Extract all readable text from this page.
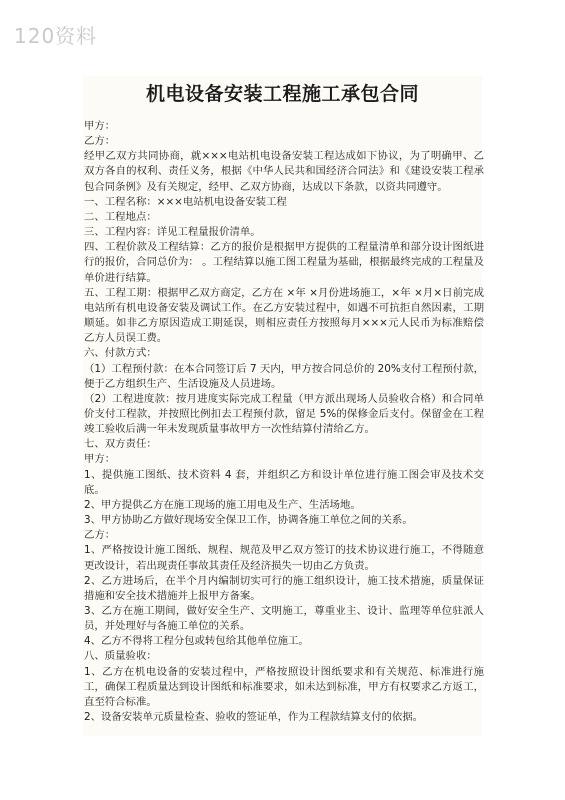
120资料
机电设备安装工程施工承包合同

甲方：

乙方：

经甲乙双方共同协商，就×××电站机电设备安装工程达成如下协议，为了明确甲、乙双方各自的权利、责任义务，根据《中华人民共和国经济合同法》和《建设安装工程承包合同条例》及有关规定，经甲、乙双方协商，达成以下条款，以资共同遵守。

一、工程名称：×××电站机电设备安装工程

二、工程地点：

三、工程内容：详见工程量报价清单。

四、工程价款及工程结算：乙方的报价是根据甲方提供的工程量清单和部分设计图纸进行的报价，合同总价为： 。工程结算以施工图工程量为基础，根据最终完成的工程量及单价进行结算。

五、工程工期：根据甲乙双方商定，乙方在 ×年 ×月份进场施工，×年 ×月×日前完成电站所有机电设备安装及调试工作。在乙方安装过程中，如遇不可抗拒自然因素，工期顺延。如非乙方原因造成工期延误，则相应责任方按照每月×××元人民币为标准赔偿乙方人员误工费。

六、付款方式：

（1）工程预付款：在本合同签订后 7 天内，甲方按合同总价的 20%支付工程预付款，便于乙方组织生产、生活设施及人员进场。

（2）工程进度款：按月进度实际完成工程量（甲方派出现场人员验收合格）和合同单价支付工程款，并按照比例扣去工程预付款，留足 5%的保修金后支付。保留金在工程竣工验收后满一年未发现质量事故甲方一次性结算付清给乙方。

七、双方责任：

甲方：

1、提供施工图纸、技术资料 4 套，并组织乙方和设计单位进行施工图会审及技术交底。

2、甲方提供乙方在施工现场的施工用电及生产、生活场地。

3、甲方协助乙方做好现场安全保卫工作，协调各施工单位之间的关系。

乙方：

1、严格按设计施工图纸、规程、规范及甲乙双方签订的技术协议进行施工，不得随意更改设计，若出现责任事故其责任及经济损失一切由乙方负责。

2、乙方进场后，在半个月内编制切实可行的施工组织设计，施工技术措施，质量保证措施和安全技术措施并上报甲方备案。

3、乙方在施工期间，做好安全生产、文明施工，尊重业主、设计、监理等单位驻派人员，并处理好与各施工单位的关系。

4、乙方不得将工程分包或转包给其他单位施工。

八、质量验收：

1、乙方在机电设备的安装过程中，严格按照设计图纸要求和有关规范、标准进行施工，确保工程质量达到设计图纸和标准要求，如未达到标准，甲方有权要求乙方返工，直至符合标准。

2、设备安装单元质量检查、验收的签证单，作为工程款结算支付的依据。
